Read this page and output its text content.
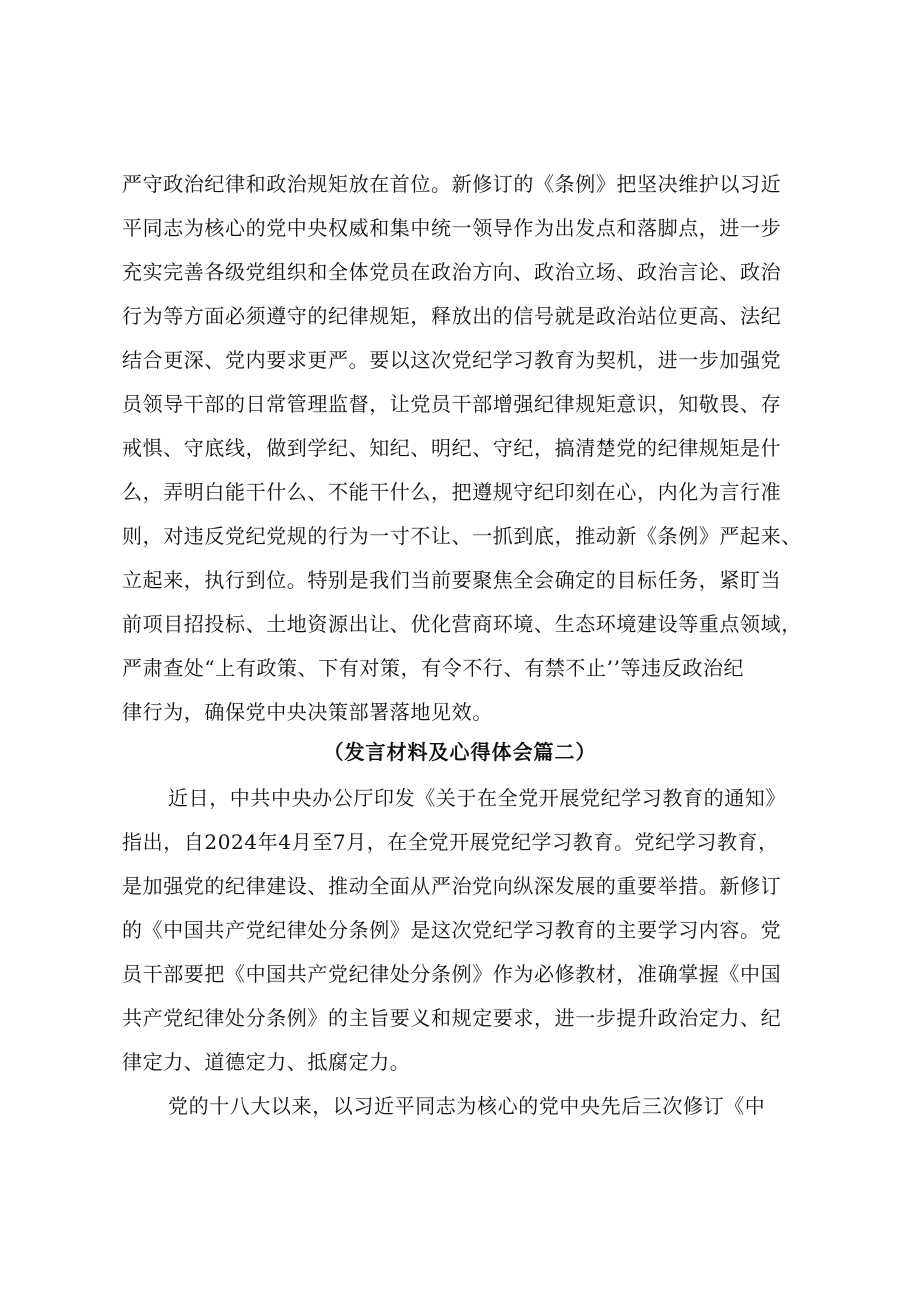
严守政治纪律和政治规矩放在首位。新修订的《条例》把坚决维护以习近
平同志为核心的党中央权威和集中统一领导作为出发点和落脚点，进一步
充实完善各级党组织和全体党员在政治方向、政治立场、政治言论、政治
行为等方面必须遵守的纪律规矩，释放出的信号就是政治站位更高、法纪
结合更深、党内要求更严。要以这次党纪学习教育为契机，进一步加强党
员领导干部的日常管理监督，让党员干部增强纪律规矩意识，知敬畏、存
戒惧、守底线，做到学纪、知纪、明纪、守纪，搞清楚党的纪律规矩是什
么，弄明白能干什么、不能干什么，把遵规守纪印刻在心，内化为言行准
则，对违反党纪党规的行为一寸不让、一抓到底，推动新《条例》严起来、
立起来，执行到位。特别是我们当前要聚焦全会确定的目标任务，紧盯当
前项目招投标、土地资源出让、优化营商环境、生态环境建设等重点领域，
严肃查处“上有政策、下有对策，有令不行、有禁不止’’等违反政治纪
律行为，确保党中央决策部署落地见效。
（发言材料及心得体会篇二）
近日，中共中央办公厅印发《关于在全党开展党纪学习教育的通知》
指出，自2024年4月至7月，在全党开展党纪学习教育。党纪学习教育，
是加强党的纪律建设、推动全面从严治党向纵深发展的重要举措。新修订
的《中国共产党纪律处分条例》是这次党纪学习教育的主要学习内容。党
员干部要把《中国共产党纪律处分条例》作为必修教材，准确掌握《中国
共产党纪律处分条例》的主旨要义和规定要求，进一步提升政治定力、纪
律定力、道德定力、抵腐定力。
党的十八大以来，以习近平同志为核心的党中央先后三次修订《中
